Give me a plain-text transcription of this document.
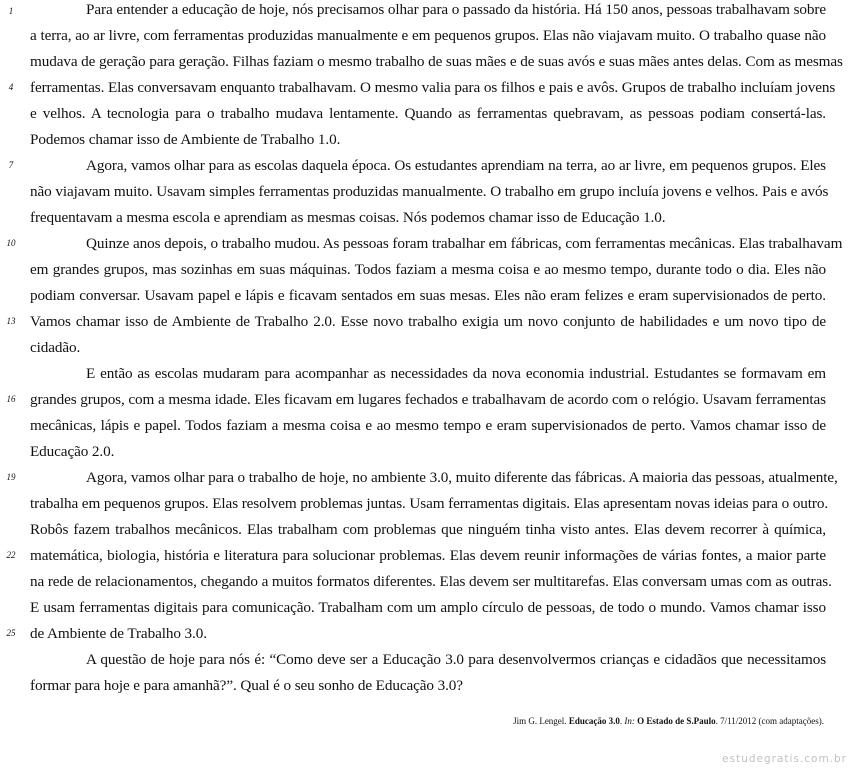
1
4
7
10
13
16
19
22
25
Para entender a educação de hoje, nós precisamos olhar para o passado da história. Há 150 anos, pessoas trabalhavam sobre
a terra, ao ar livre, com ferramentas produzidas manualmente e em pequenos grupos. Elas não viajavam muito. O trabalho quase não
mudava de geração para geração. Filhas faziam o mesmo trabalho de suas mães e de suas avós e suas mães antes delas. Com as mesmas
ferramentas. Elas conversavam enquanto trabalhavam. O mesmo valia para os filhos e pais e avôs. Grupos de trabalho incluíam jovens
e velhos. A tecnologia para o trabalho mudava lentamente. Quando as ferramentas quebravam, as pessoas podiam consertá-las.
Podemos chamar isso de Ambiente de Trabalho 1.0.
Agora, vamos olhar para as escolas daquela época. Os estudantes aprendiam na terra, ao ar livre, em pequenos grupos. Eles
não viajavam muito. Usavam simples ferramentas produzidas manualmente. O trabalho em grupo incluía jovens e velhos. Pais e avós
frequentavam a mesma escola e aprendiam as mesmas coisas. Nós podemos chamar isso de Educação 1.0.
Quinze anos depois, o trabalho mudou. As pessoas foram trabalhar em fábricas, com ferramentas mecânicas. Elas trabalhavam
em grandes grupos, mas sozinhas em suas máquinas. Todos faziam a mesma coisa e ao mesmo tempo, durante todo o dia. Eles não
podiam conversar. Usavam papel e lápis e ficavam sentados em suas mesas. Eles não eram felizes e eram supervisionados de perto.
Vamos chamar isso de Ambiente de Trabalho 2.0. Esse novo trabalho exigia um novo conjunto de habilidades e um novo tipo de
cidadão.
E então as escolas mudaram para acompanhar as necessidades da nova economia industrial. Estudantes se formavam em
grandes grupos, com a mesma idade. Eles ficavam em lugares fechados e trabalhavam de acordo com o relógio. Usavam ferramentas
mecânicas, lápis e papel. Todos faziam a mesma coisa e ao mesmo tempo e eram supervisionados de perto. Vamos chamar isso de
Educação 2.0.
Agora, vamos olhar para o trabalho de hoje, no ambiente 3.0, muito diferente das fábricas. A maioria das pessoas, atualmente,
trabalha em pequenos grupos. Elas resolvem problemas juntas. Usam ferramentas digitais. Elas apresentam novas ideias para o outro.
Robôs fazem trabalhos mecânicos. Elas trabalham com problemas que ninguém tinha visto antes. Elas devem recorrer à química,
matemática, biologia, história e literatura para solucionar problemas. Elas devem reunir informações de várias fontes, a maior parte
na rede de relacionamentos, chegando a muitos formatos diferentes. Elas devem ser multitarefas. Elas conversam umas com as outras.
E usam ferramentas digitais para comunicação. Trabalham com um amplo círculo de pessoas, de todo o mundo. Vamos chamar isso
de Ambiente de Trabalho 3.0.
A questão de hoje para nós é: “Como deve ser a Educação 3.0 para desenvolvermos crianças e cidadãos que necessitamos
formar para hoje e para amanhã?”. Qual é o seu sonho de Educação 3.0?
Jim G. Lengel. Educação 3.0. In: O Estado de S.Paulo. 7/11/2012 (com adaptações).
estudegratis.com.br
